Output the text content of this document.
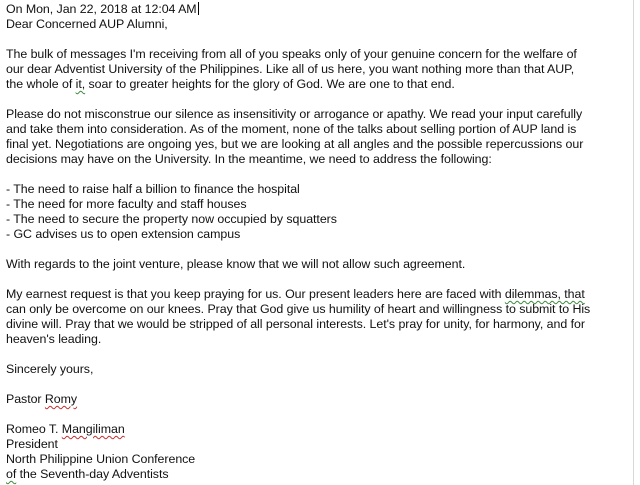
On Mon, Jan 22, 2018 at 12:04 AM
Dear Concerned AUP Alumni,
The bulk of messages I'm receiving from all of you speaks only of your genuine concern for the welfare of
our dear Adventist University of the Philippines. Like all of us here, you want nothing more than that AUP,
the whole of it, soar to greater heights for the glory of God. We are one to that end.
Please do not misconstrue our silence as insensitivity or arrogance or apathy. We read your input carefully
and take them into consideration. As of the moment, none of the talks about selling portion of AUP land is
final yet. Negotiations are ongoing yes, but we are looking at all angles and the possible repercussions our
decisions may have on the University. In the meantime, we need to address the following:
- The need to raise half a billion to finance the hospital
- The need for more faculty and staff houses
- The need to secure the property now occupied by squatters
- GC advises us to open extension campus
With regards to the joint venture, please know that we will not allow such agreement.
My earnest request is that you keep praying for us. Our present leaders here are faced with dilemmas, that
can only be overcome on our knees. Pray that God give us humility of heart and willingness to submit to His
divine will. Pray that we would be stripped of all personal interests. Let's pray for unity, for harmony, and for
heaven's leading.
Sincerely yours,
Pastor Romy
Romeo T. Mangiliman
President
North Philippine Union Conference
of the Seventh-day Adventists
